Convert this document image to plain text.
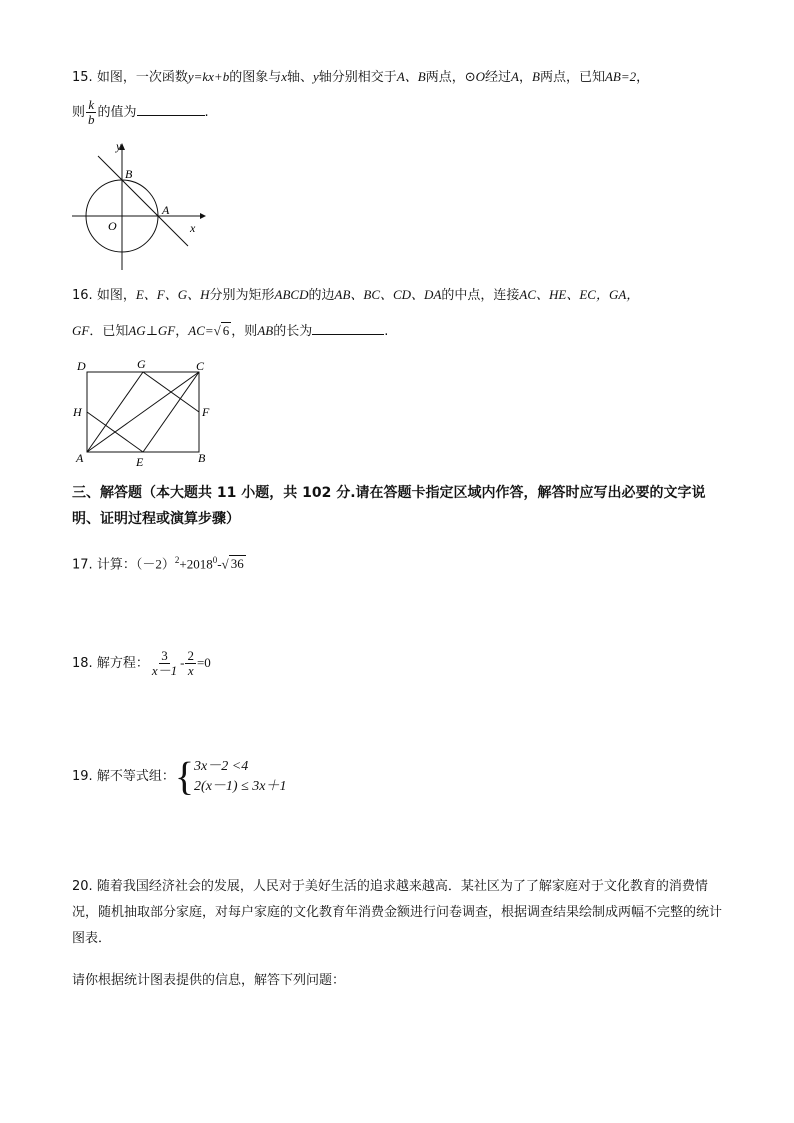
15. 如图，一次函数y=kx+b的图象与x轴、y轴分别相交于A、B两点，⊙O经过A，B两点，已知AB=2，
则 $\frac{k}{b}$ 的值为	.
y
x
B
A
O
16. 如图，E、F、G、H分别为矩形ABCD的边AB、BC、CD、DA的中点，连接AC、HE、EC，GA，
GF．已知AG⊥GF，AC=√ 6 ，则AB的长为	.
D	G	C
H	F
A	E	B
三、解答题（本大题共 11 小题，共 102 分.请在答题卡指定区域内作答，解答时应写出必要的文字说明、证明过程或演算步骤）
17. 计算：$(-2)^2+2018^0-√$ 36
18. 解方程： $\frac{3}{x-1} - \frac{2}{x} =0$
19. 解不等式组：{ 3x－2 <4
2(x－1) ≤ 3x＋1
20. 随着我国经济社会的发展，人民对于美好生活的追求越来越高．某社区为了了解家庭对于文化教育的消费情况，随机抽取部分家庭，对每户家庭的文化教育年消费金额进行问卷调查，根据调查结果绘制成两幅不完整的统计图表．
请你根据统计图表提供的信息，解答下列问题：
